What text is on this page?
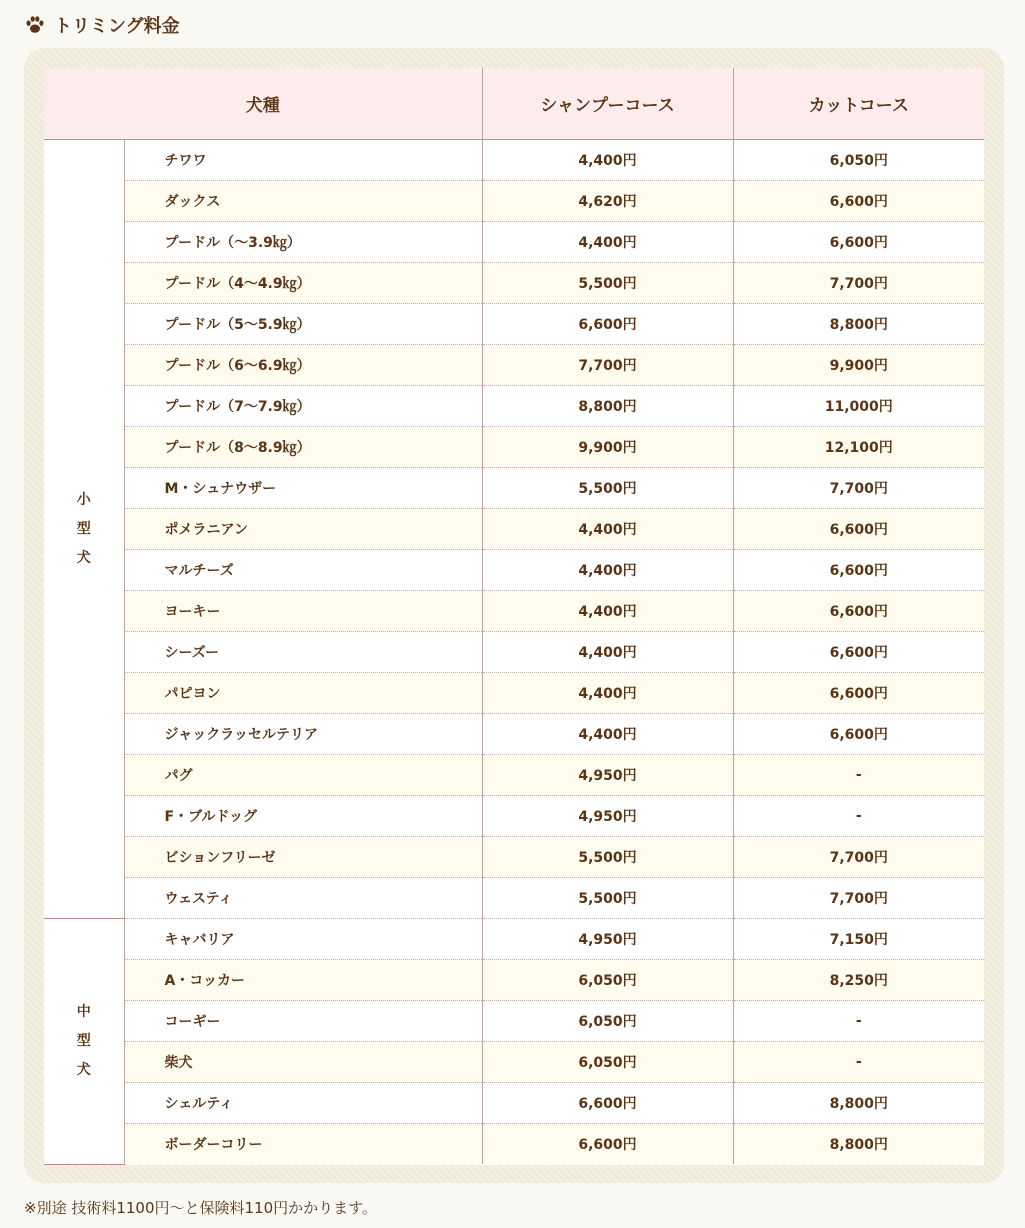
トリミング料金
犬種		シャンプーコース	カットコース
小型犬	チワワ	4,400円	6,050円
	ダックス	4,620円	6,600円
	プードル（～3.9㎏）	4,400円	6,600円
	プードル（4～4.9㎏）	5,500円	7,700円
	プードル（5～5.9㎏）	6,600円	8,800円
	プードル（6～6.9㎏）	7,700円	9,900円
	プードル（7～7.9㎏）	8,800円	11,000円
	プードル（8～8.9㎏）	9,900円	12,100円
	M・シュナウザー	5,500円	7,700円
	ポメラニアン	4,400円	6,600円
	マルチーズ	4,400円	6,600円
	ヨーキー	4,400円	6,600円
	シーズー	4,400円	6,600円
	パピヨン	4,400円	6,600円
	ジャックラッセルテリア	4,400円	6,600円
	パグ	4,950円	-
	F・ブルドッグ	4,950円	-
	ビションフリーゼ	5,500円	7,700円
	ウェスティ	5,500円	7,700円
中型犬	キャバリア	4,950円	7,150円
	A・コッカー	6,050円	8,250円
	コーギー	6,050円	-
	柴犬	6,050円	-
	シェルティ	6,600円	8,800円
	ボーダーコリー	6,600円	8,800円
※別途 技術料1100円～と保険料110円かかります。
